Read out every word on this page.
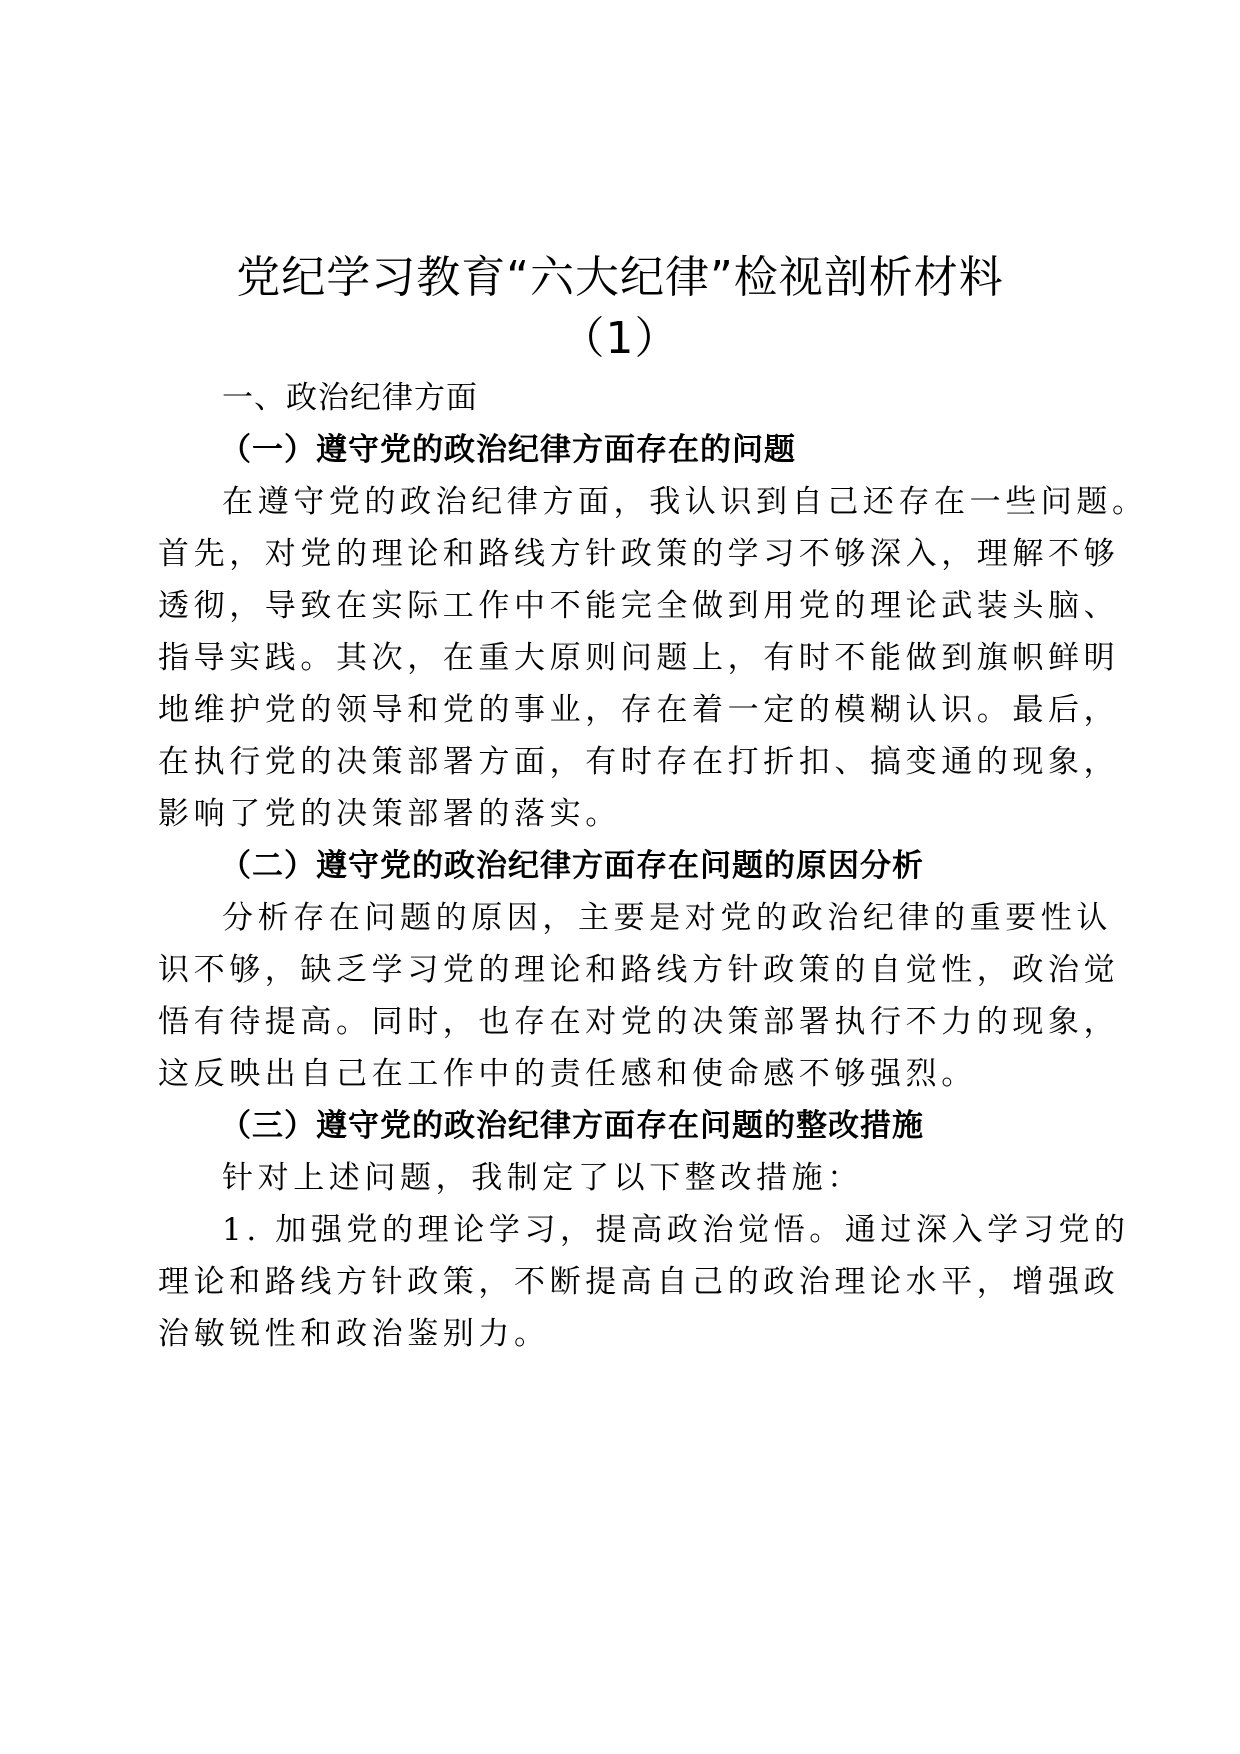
党纪学习教育“六大纪律”检视剖析材料
（1）
一、政治纪律方面
（一）遵守党的政治纪律方面存在的问题

在遵守党的政治纪律方面，我认识到自己还存在一些问题。

首先，对党的理论和路线方针政策的学习不够深入，理解不够

透彻，导致在实际工作中不能完全做到用党的理论武装头脑、

指导实践。其次，在重大原则问题上，有时不能做到旗帜鲜明

地维护党的领导和党的事业，存在着一定的模糊认识。最后，

在执行党的决策部署方面，有时存在打折扣、搞变通的现象，

影响了党的决策部署的落实。

（二）遵守党的政治纪律方面存在问题的原因分析

分析存在问题的原因，主要是对党的政治纪律的重要性认

识不够，缺乏学习党的理论和路线方针政策的自觉性，政治觉

悟有待提高。同时，也存在对党的决策部署执行不力的现象，

这反映出自己在工作中的责任感和使命感不够强烈。

（三）遵守党的政治纪律方面存在问题的整改措施

针对上述问题，我制定了以下整改措施：

1. 加强党的理论学习，提高政治觉悟。通过深入学习党的

理论和路线方针政策，不断提高自己的政治理论水平，增强政

治敏锐性和政治鉴别力。
